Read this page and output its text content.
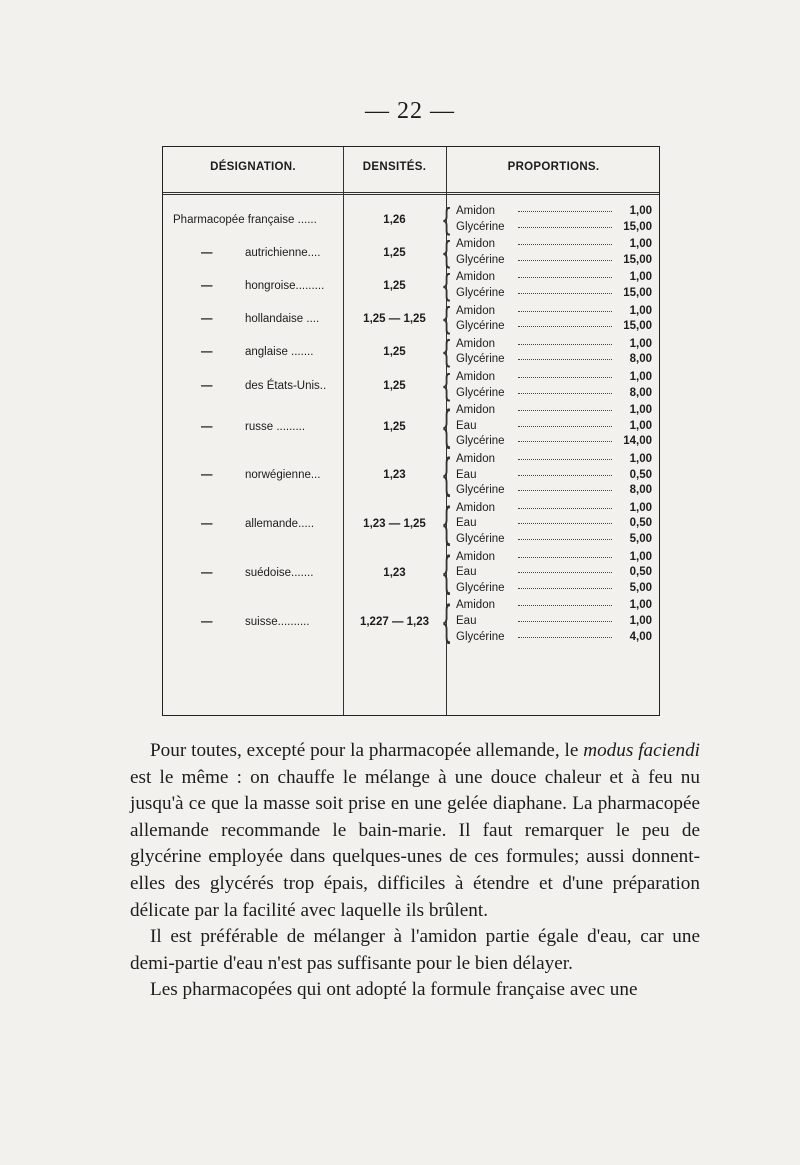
— 22 —
DÉSIGNATION.	DENSITÉS.	PROPORTIONS.
Pharmacopée française ......	1,26	{ Amidon	1,00
Glycérine	15,00
—	autrichienne....	1,25	{ Amidon	1,00
Glycérine	15,00
—	hongroise.........	1,25	{ Amidon	1,00
Glycérine	15,00
—	hollandaise ....	1,25 — 1,25 { Amidon	1,00
Glycérine	15,00
—	anglaise .......	1,25	{ Amidon	1,00
Glycérine	8,00
—	des États-Unis..	1,25	{ Amidon	1,00
Glycérine	8,00
—	russe .........	1,25	{ Amidon	1,00
Eau	1,00
Glycérine	14,00
—	norwégienne...	1,23	{ Amidon	1,00
Eau	0,50
Glycérine	8,00
—	allemande.....	1,23 — 1,25 { Amidon	1,00
Eau	0,50
Glycérine	5,00
—	suédoise.......	1,23	{ Amidon	1,00
Eau	0,50
Glycérine	5,00
—	suisse..........	1,227 — 1,23 { Amidon	1,00
Eau	1,00
Glycérine	4,00

Pour toutes, excepté pour la pharmacopée allemande, le modus faciendi est le même : on chauffe le mélange à une douce chaleur et à feu nu jusqu'à ce que la masse soit prise en une gelée diaphane. La pharmacopée allemande recommande le bain-marie. Il faut remarquer le peu de glycérine employée dans quelques-unes de ces formules; aussi donnent-elles des glycérés trop épais, difficiles à étendre et d'une préparation délicate par la facilité avec laquelle ils brûlent.

Il est préférable de mélanger à l'amidon partie égale d'eau, car une demi-partie d'eau n'est pas suffisante pour le bien délayer.

Les pharmacopées qui ont adopté la formule française avec une
